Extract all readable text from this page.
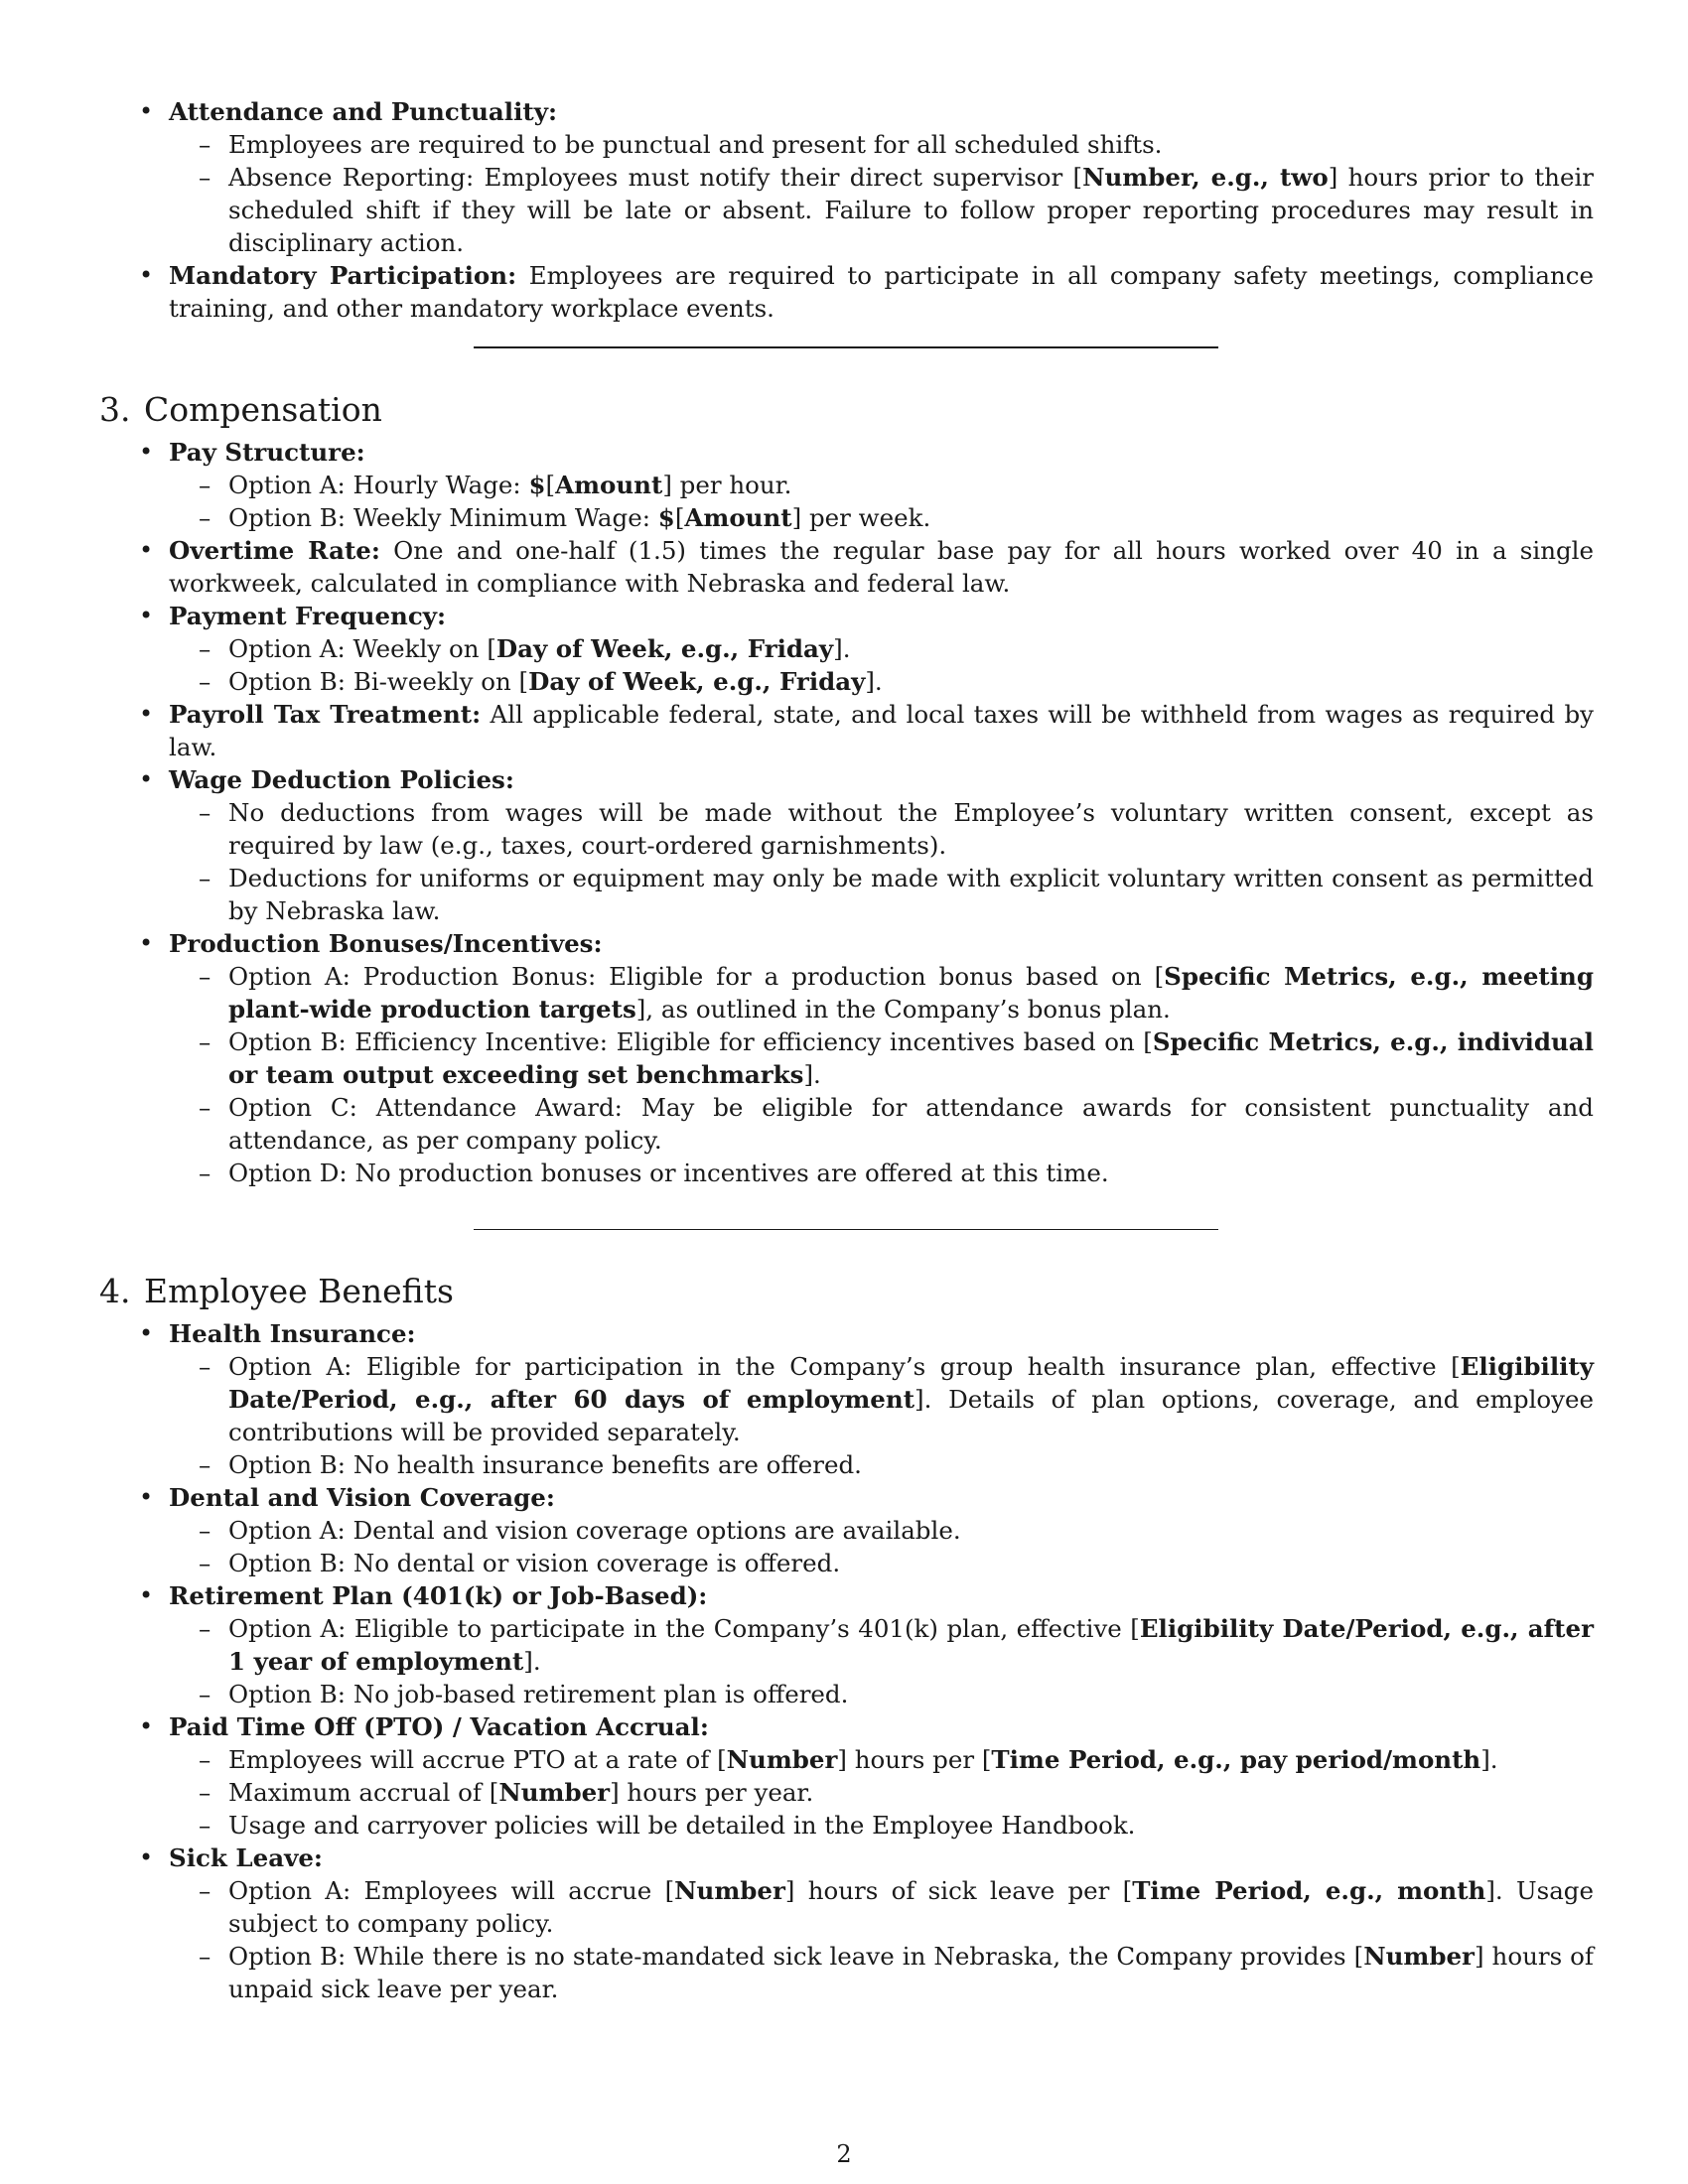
• Attendance and Punctuality:
– Employees are required to be punctual and present for all scheduled shifts.
– Absence Reporting: Employees must notify their direct supervisor [Number, e.g., two] hours prior to their scheduled shift if they will be late or absent. Failure to follow proper reporting procedures may result in disciplinary action.
• Mandatory Participation: Employees are required to participate in all company safety meetings, compliance training, and other mandatory workplace events.
3. Compensation
• Pay Structure:
– Option A: Hourly Wage: $[Amount] per hour.
– Option B: Weekly Minimum Wage: $[Amount] per week.
• Overtime Rate: One and one-half (1.5) times the regular base pay for all hours worked over 40 in a single workweek, calculated in compliance with Nebraska and federal law.
• Payment Frequency:
– Option A: Weekly on [Day of Week, e.g., Friday].
– Option B: Bi-weekly on [Day of Week, e.g., Friday].
• Payroll Tax Treatment: All applicable federal, state, and local taxes will be withheld from wages as required by law.
• Wage Deduction Policies:
– No deductions from wages will be made without the Employee’s voluntary written consent, except as required by law (e.g., taxes, court-ordered garnishments).
– Deductions for uniforms or equipment may only be made with explicit voluntary written consent as permitted by Nebraska law.
• Production Bonuses/Incentives:
– Option A: Production Bonus: Eligible for a production bonus based on [Specific Metrics, e.g., meeting plant-wide production targets], as outlined in the Company’s bonus plan.
– Option B: Efficiency Incentive: Eligible for efficiency incentives based on [Specific Metrics, e.g., individual or team output exceeding set benchmarks].
– Option C: Attendance Award: May be eligible for attendance awards for consistent punctuality and attendance, as per company policy.
– Option D: No production bonuses or incentives are offered at this time.
4. Employee Benefits
• Health Insurance:
– Option A: Eligible for participation in the Company’s group health insurance plan, effective [Eligibility Date/Period, e.g., after 60 days of employment]. Details of plan options, coverage, and employee contributions will be provided separately.
– Option B: No health insurance benefits are offered.
• Dental and Vision Coverage:
– Option A: Dental and vision coverage options are available.
– Option B: No dental or vision coverage is offered.
• Retirement Plan (401(k) or Job-Based):
– Option A: Eligible to participate in the Company’s 401(k) plan, effective [Eligibility Date/Period, e.g., after 1 year of employment].
– Option B: No job-based retirement plan is offered.
• Paid Time Off (PTO) / Vacation Accrual:
– Employees will accrue PTO at a rate of [Number] hours per [Time Period, e.g., pay period/month].
– Maximum accrual of [Number] hours per year.
– Usage and carryover policies will be detailed in the Employee Handbook.
• Sick Leave:
– Option A: Employees will accrue [Number] hours of sick leave per [Time Period, e.g., month]. Usage subject to company policy.
– Option B: While there is no state-mandated sick leave in Nebraska, the Company provides [Number] hours of unpaid sick leave per year.
2
